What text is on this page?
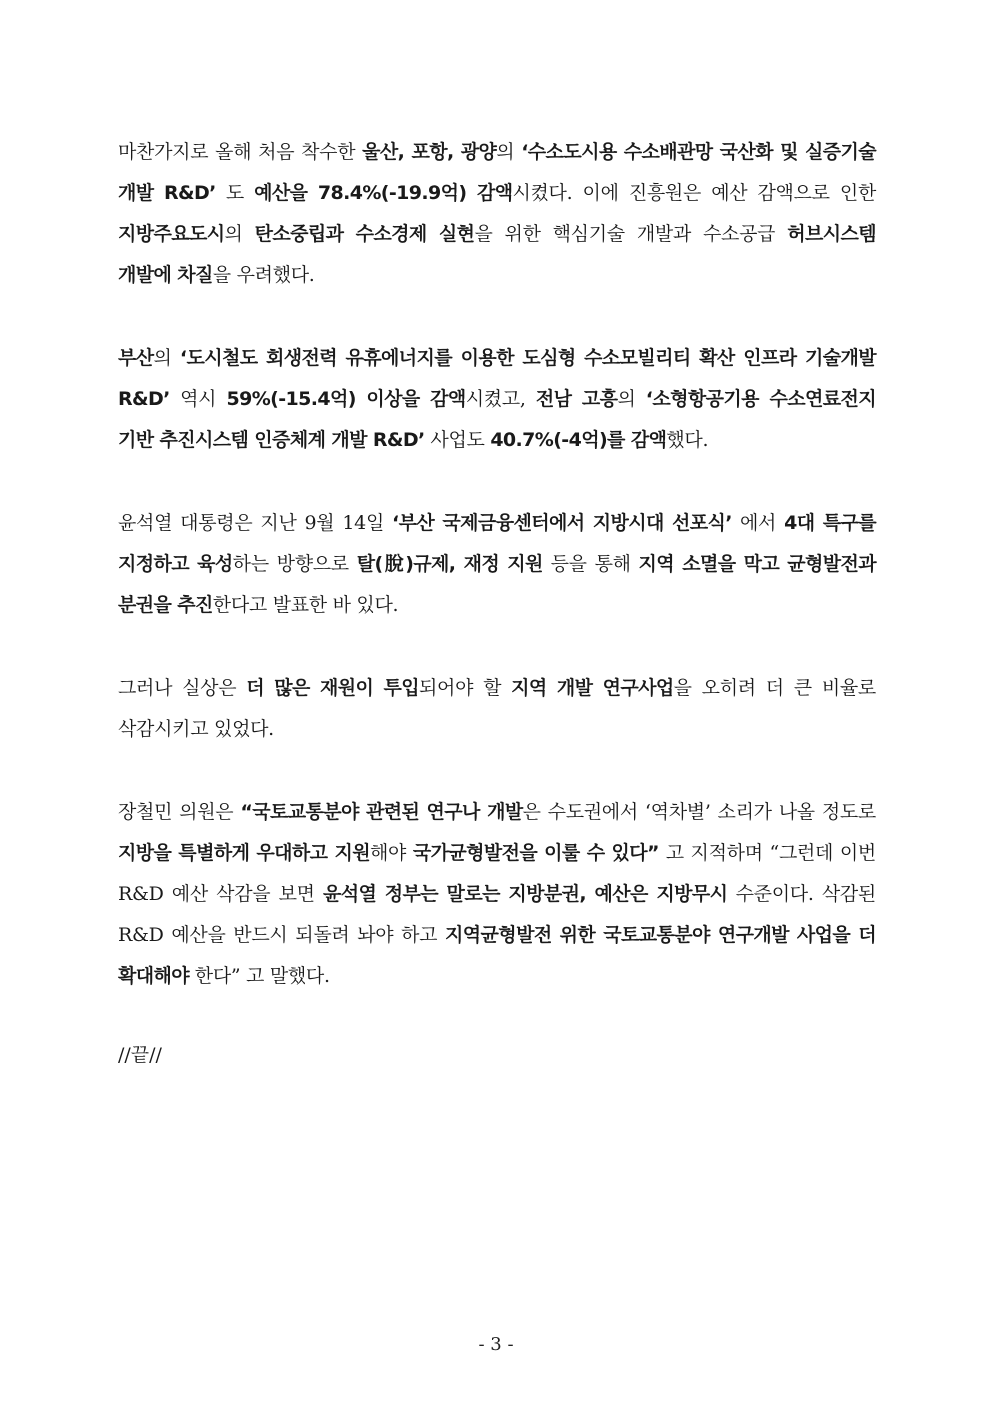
마찬가지로 올해 처음 착수한 울산, 포항, 광양의 ‘수소도시용 수소배관망 국산화 및 실증기술 개발 R&D’ 도 예산을 78.4%(-19.9억) 감액시켰다. 이에 진흥원은 예산 감액으로 인한 지방주요도시의 탄소중립과 수소경제 실현을 위한 핵심기술 개발과 수소공급 허브시스템 개발에 차질을 우려했다.

부산의 ‘도시철도 회생전력 유휴에너지를 이용한 도심형 수소모빌리티 확산 인프라 기술개발 R&D’ 역시 59%(-15.4억) 이상을 감액시켰고, 전남 고흥의 ‘소형항공기용 수소연료전지 기반 추진시스템 인증체계 개발 R&D’ 사업도 40.7%(-4억)를 감액했다.

윤석열 대통령은 지난 9월 14일 ‘부산 국제금융센터에서 지방시대 선포식’ 에서 4대 특구를 지정하고 육성하는 방향으로 탈(脫)규제, 재정 지원 등을 통해 지역 소멸을 막고 균형발전과 분권을 추진한다고 발표한 바 있다.

그러나 실상은 더 많은 재원이 투입되어야 할 지역 개발 연구사업을 오히려 더 큰 비율로 삭감시키고 있었다.

장철민 의원은 “국토교통분야 관련된 연구나 개발은 수도권에서 ‘역차별’ 소리가 나올 정도로 지방을 특별하게 우대하고 지원해야 국가균형발전을 이룰 수 있다” 고 지적하며 “그런데 이번 R&D 예산 삭감을 보면 윤석열 정부는 말로는 지방분권, 예산은 지방무시 수준이다. 삭감된 R&D 예산을 반드시 되돌려 놔야 하고 지역균형발전 위한 국토교통분야 연구개발 사업을 더 확대해야 한다” 고 말했다.

//끝//
- 3 -
